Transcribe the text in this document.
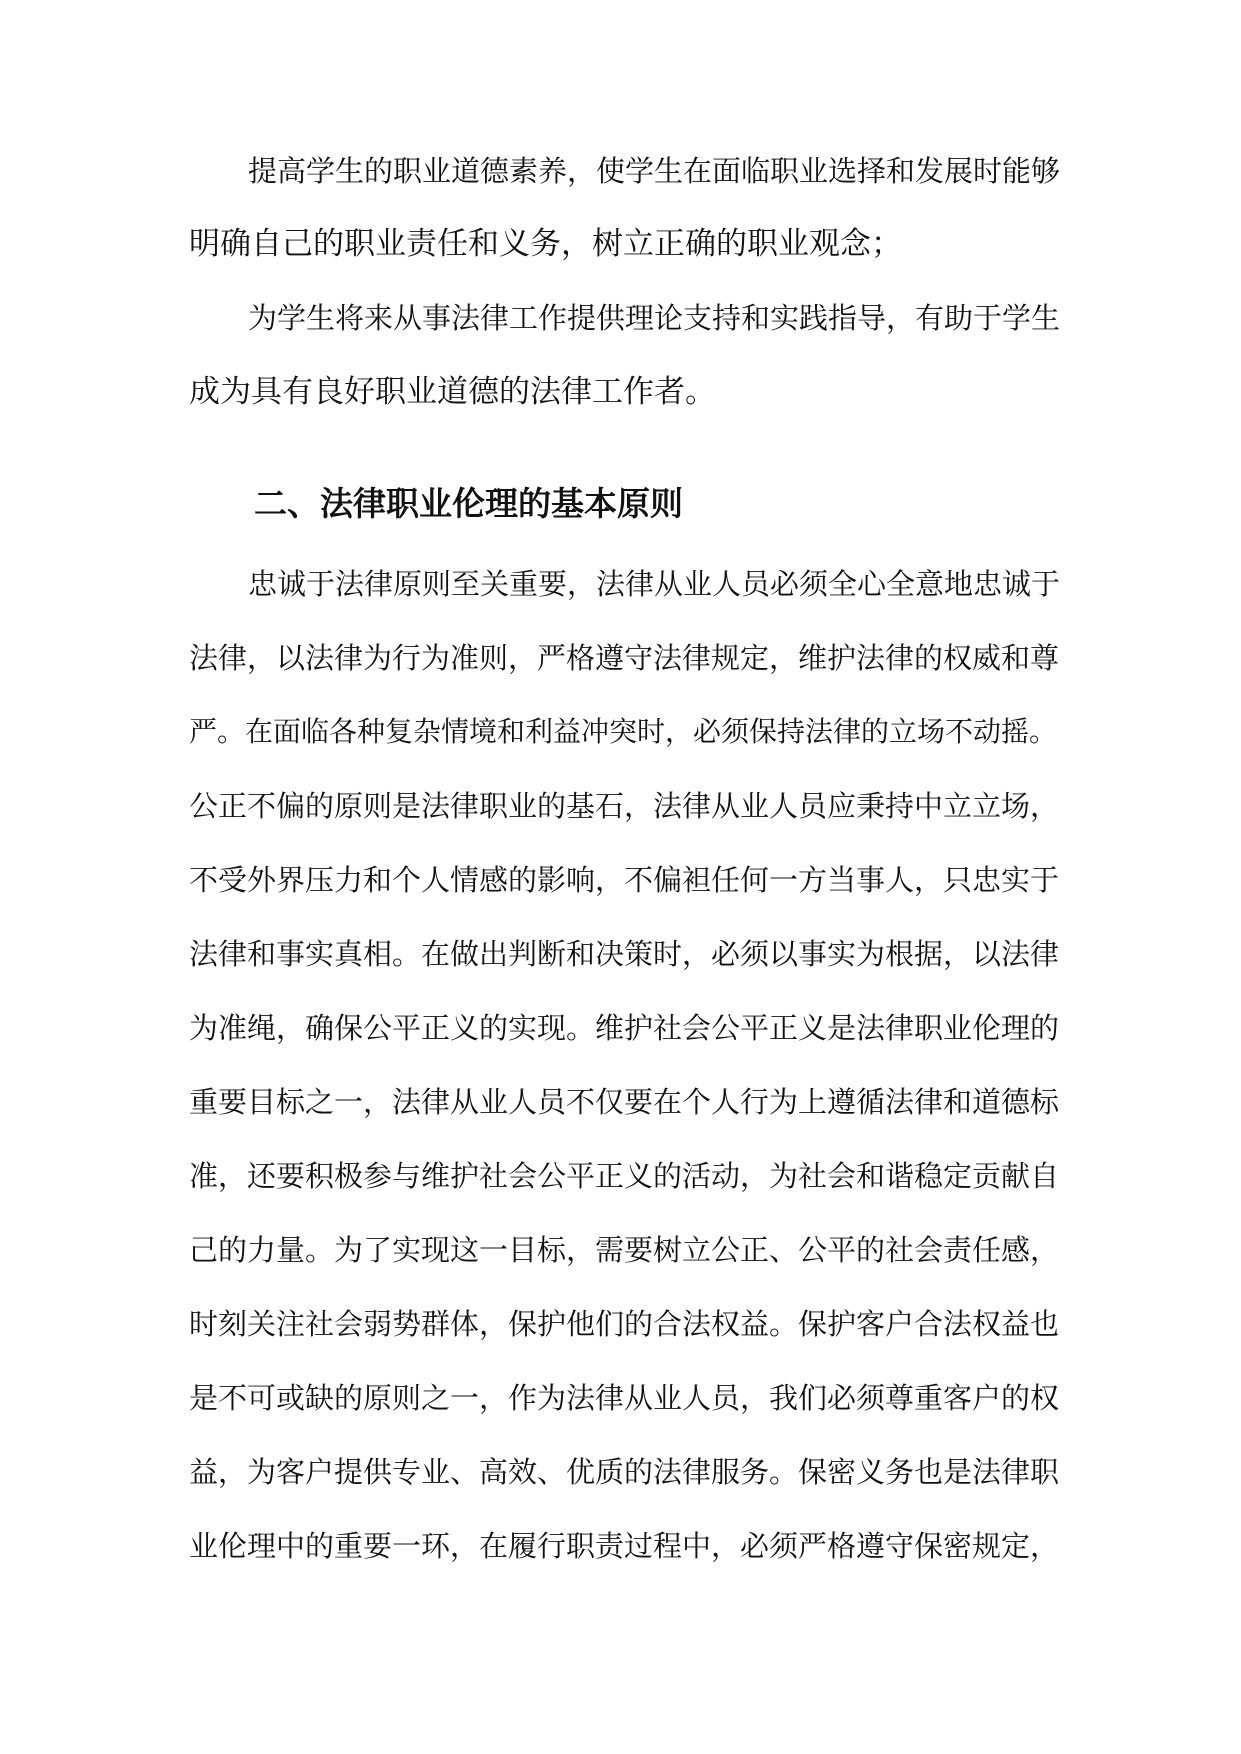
提高学生的职业道德素养，使学生在面临职业选择和发展时能够
明确自己的职业责任和义务，树立正确的职业观念；
为学生将来从事法律工作提供理论支持和实践指导，有助于学生
成为具有良好职业道德的法律工作者。
二、法律职业伦理的基本原则
忠诚于法律原则至关重要，法律从业人员必须全心全意地忠诚于
法律，以法律为行为准则，严格遵守法律规定，维护法律的权威和尊
严。在面临各种复杂情境和利益冲突时，必须保持法律的立场不动摇。
公正不偏的原则是法律职业的基石，法律从业人员应秉持中立立场，
不受外界压力和个人情感的影响，不偏袒任何一方当事人，只忠实于
法律和事实真相。在做出判断和决策时，必须以事实为根据，以法律
为准绳，确保公平正义的实现。维护社会公平正义是法律职业伦理的
重要目标之一，法律从业人员不仅要在个人行为上遵循法律和道德标
准，还要积极参与维护社会公平正义的活动，为社会和谐稳定贡献自
己的力量。为了实现这一目标，需要树立公正、公平的社会责任感，
时刻关注社会弱势群体，保护他们的合法权益。保护客户合法权益也
是不可或缺的原则之一，作为法律从业人员，我们必须尊重客户的权
益，为客户提供专业、高效、优质的法律服务。保密义务也是法律职
业伦理中的重要一环，在履行职责过程中，必须严格遵守保密规定，
